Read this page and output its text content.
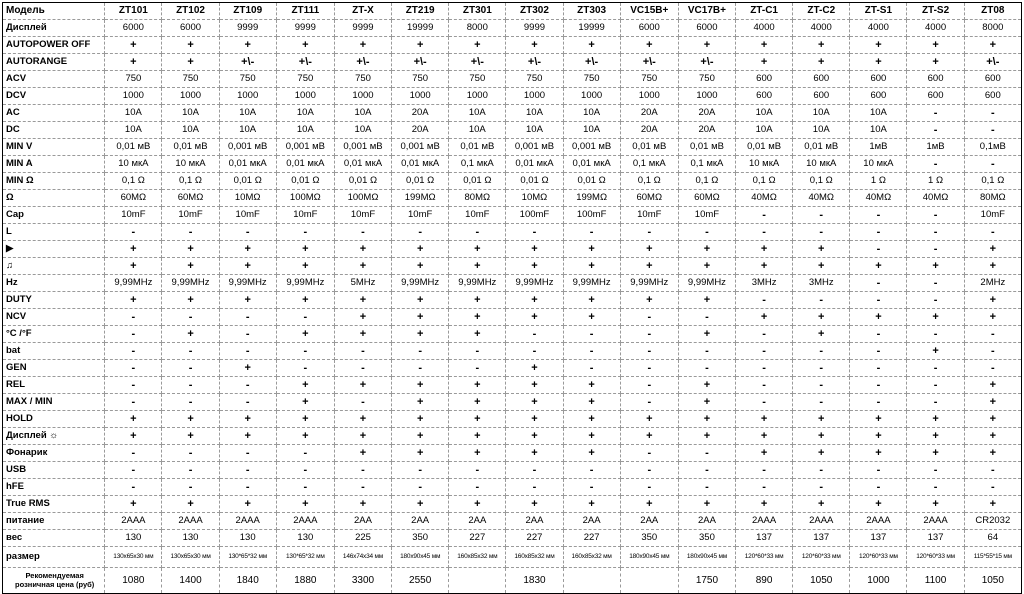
Модель	ZT101	ZT102	ZT109	ZT111	ZT-X	ZT219	ZT301	ZT302	ZT303	VC15B+	VC17B+	ZT-C1	ZT-C2	ZT-S1	ZT-S2	ZT08
Дисплей	6000	6000	9999	9999	9999	19999	8000	9999	19999	6000	6000	4000	4000	4000	4000	8000
AUTOPOWER OFF	+	+	+	+	+	+	+	+	+	+	+	+	+	+	+	+
AUTORANGE	+	+	+\-	+\-	+\-	+\-	+\-	+\-	+\-	+\-	+\-	+	+	+	+	+\-
ACV	750	750	750	750	750	750	750	750	750	750	750	600	600	600	600	600
DCV	1000	1000	1000	1000	1000	1000	1000	1000	1000	1000	1000	600	600	600	600	600
AC	10A	10A	10A	10A	10A	20A	10A	10A	10A	20A	20A	10A	10A	10A	-	-
DC	10A	10A	10A	10A	10A	20A	10A	10A	10A	20A	20A	10A	10A	10A	-	-
MIN V	0,01 мВ	0,01 мВ	0,001 мВ	0,001 мВ	0,001 мВ	0,001 мВ	0,01 мВ	0,001 мВ	0,001 мВ	0,01 мВ	0,01 мВ	0,01 мВ	0,01 мВ	1мВ	1мВ	0,1мВ
MIN A	10 мкА	10 мкА	0,01 мкА	0,01 мкА	0,01 мкА	0,01 мкА	0,1 мкА	0,01 мкА	0,01 мкА	0,1 мкА	0,1 мкА	10 мкА	10 мкА	10 мкА	-	-
MIN Ω	0,1 Ω	0,1 Ω	0,01 Ω	0,01 Ω	0,01 Ω	0,01 Ω	0,01 Ω	0,01 Ω	0,01 Ω	0,1 Ω	0,1 Ω	0,1 Ω	0,1 Ω	1 Ω	1 Ω	0,1 Ω
Ω	60MΩ	60MΩ	10MΩ	100MΩ	100MΩ	199MΩ	80MΩ	10MΩ	199MΩ	60MΩ	60MΩ	40MΩ	40MΩ	40MΩ	40MΩ	80MΩ
Cap	10mF	10mF	10mF	10mF	10mF	10mF	10mF	100mF	100mF	10mF	10mF	-	-	-	-	10mF
L	-	-	-	-	-	-	-	-	-	-	-	-	-	-	-	-
▶	+	+	+	+	+	+	+	+	+	+	+	+	+	-	-	+
♫	+	+	+	+	+	+	+	+	+	+	+	+	+	+	+	+
Hz	9,99MHz	9,99MHz	9,99MHz	9,99MHz	5MHz	9,99MHz	9,99MHz	9,99MHz	9,99MHz	9,99MHz	9,99MHz	3MHz	3MHz	-	-	2MHz
DUTY	+	+	+	+	+	+	+	+	+	+	+	-	-	-	-	+
NCV	-	-	-	-	+	+	+	+	+	-	-	+	+	+	+	+
°C /°F	-	+	-	+	+	+	+	-	-	-	+	-	+	-	-	-
bat	-	-	-	-	-	-	-	-	-	-	-	-	-	-	+	-
GEN	-	-	+	-	-	-	-	+	-	-	-	-	-	-	-	-
REL	-	-	-	+	+	+	+	+	+	-	+	-	-	-	-	+
MAX / MIN	-	-	-	+	-	+	+	+	+	-	+	-	-	-	-	+
HOLD	+	+	+	+	+	+	+	+	+	+	+	+	+	+	+	+
Дисплей ☼	+	+	+	+	+	+	+	+	+	+	+	+	+	+	+	+
Фонарик	-	-	-	-	+	+	+	+	+	-	-	+	+	+	+	+
USB	-	-	-	-	-	-	-	-	-	-	-	-	-	-	-	-
hFE	-	-	-	-	-	-	-	-	-	-	-	-	-	-	-	-
True RMS	+	+	+	+	+	+	+	+	+	+	+	+	+	+	+	+
питание	2AAA	2AAA	2AAA	2AAA	2AA	2AA	2AA	2AA	2AA	2AA	2AA	2AAA	2AAA	2AAA	2AAA	CR2032
вес	130	130	130	130	225	350	227	227	227	350	350	137	137	137	137	64
размер	130x65x30 мм	130x65x30 мм	130*65*32 мм	130*65*32 мм	146x74x34 мм	180x90x45 мм	160x85x32 мм	160x85x32 мм	160x85x32 мм	180x90x45 мм	180x90x45 мм	120*60*33 мм	120*60*33 мм	120*60*33 мм	120*60*33 мм	115*55*15 мм
Рекомендуемая розничная цена (руб)	1080	1400	1840	1880	3300	2550		1830			1750	890	1050	1000	1100	1050
